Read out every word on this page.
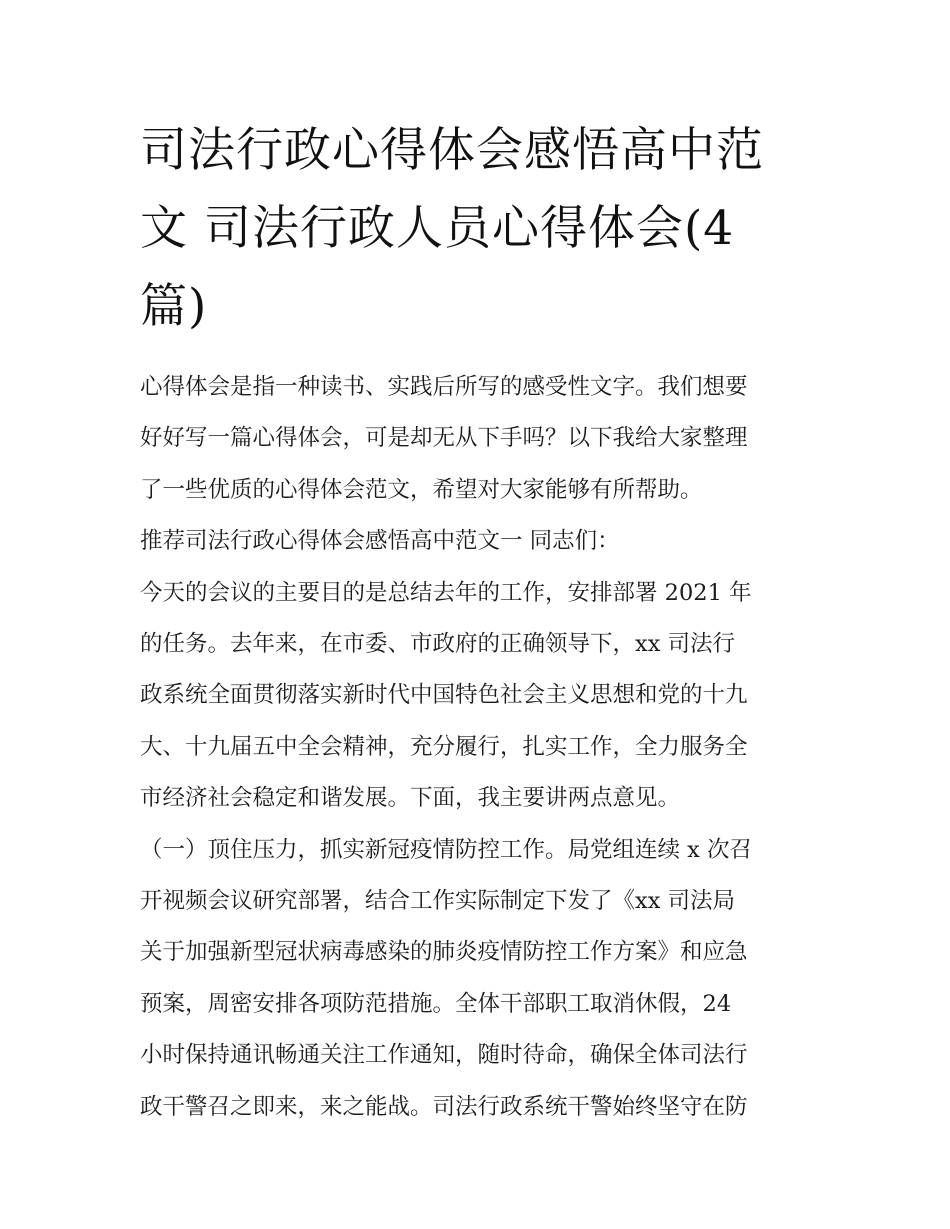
司法行政心得体会感悟高中范
文 司法行政人员心得体会(4
篇)
心得体会是指一种读书、实践后所写的感受性文字。我们想要
好好写一篇心得体会，可是却无从下手吗？以下我给大家整理
了一些优质的心得体会范文，希望对大家能够有所帮助。
推荐司法行政心得体会感悟高中范文一 同志们：
今天的会议的主要目的是总结去年的工作，安排部署 2021 年
的任务。去年来，在市委、市政府的正确领导下，xx 司法行
政系统全面贯彻落实新时代中国特色社会主义思想和党的十九
大、十九届五中全会精神，充分履行，扎实工作，全力服务全
市经济社会稳定和谐发展。下面，我主要讲两点意见。
（一）顶住压力，抓实新冠疫情防控工作。局党组连续 x 次召
开视频会议研究部署，结合工作实际制定下发了《xx 司法局
关于加强新型冠状病毒感染的肺炎疫情防控工作方案》和应急
预案，周密安排各项防范措施。全体干部职工取消休假，24
小时保持通讯畅通关注工作通知，随时待命，确保全体司法行
政干警召之即来，来之能战。司法行政系统干警始终坚守在防
